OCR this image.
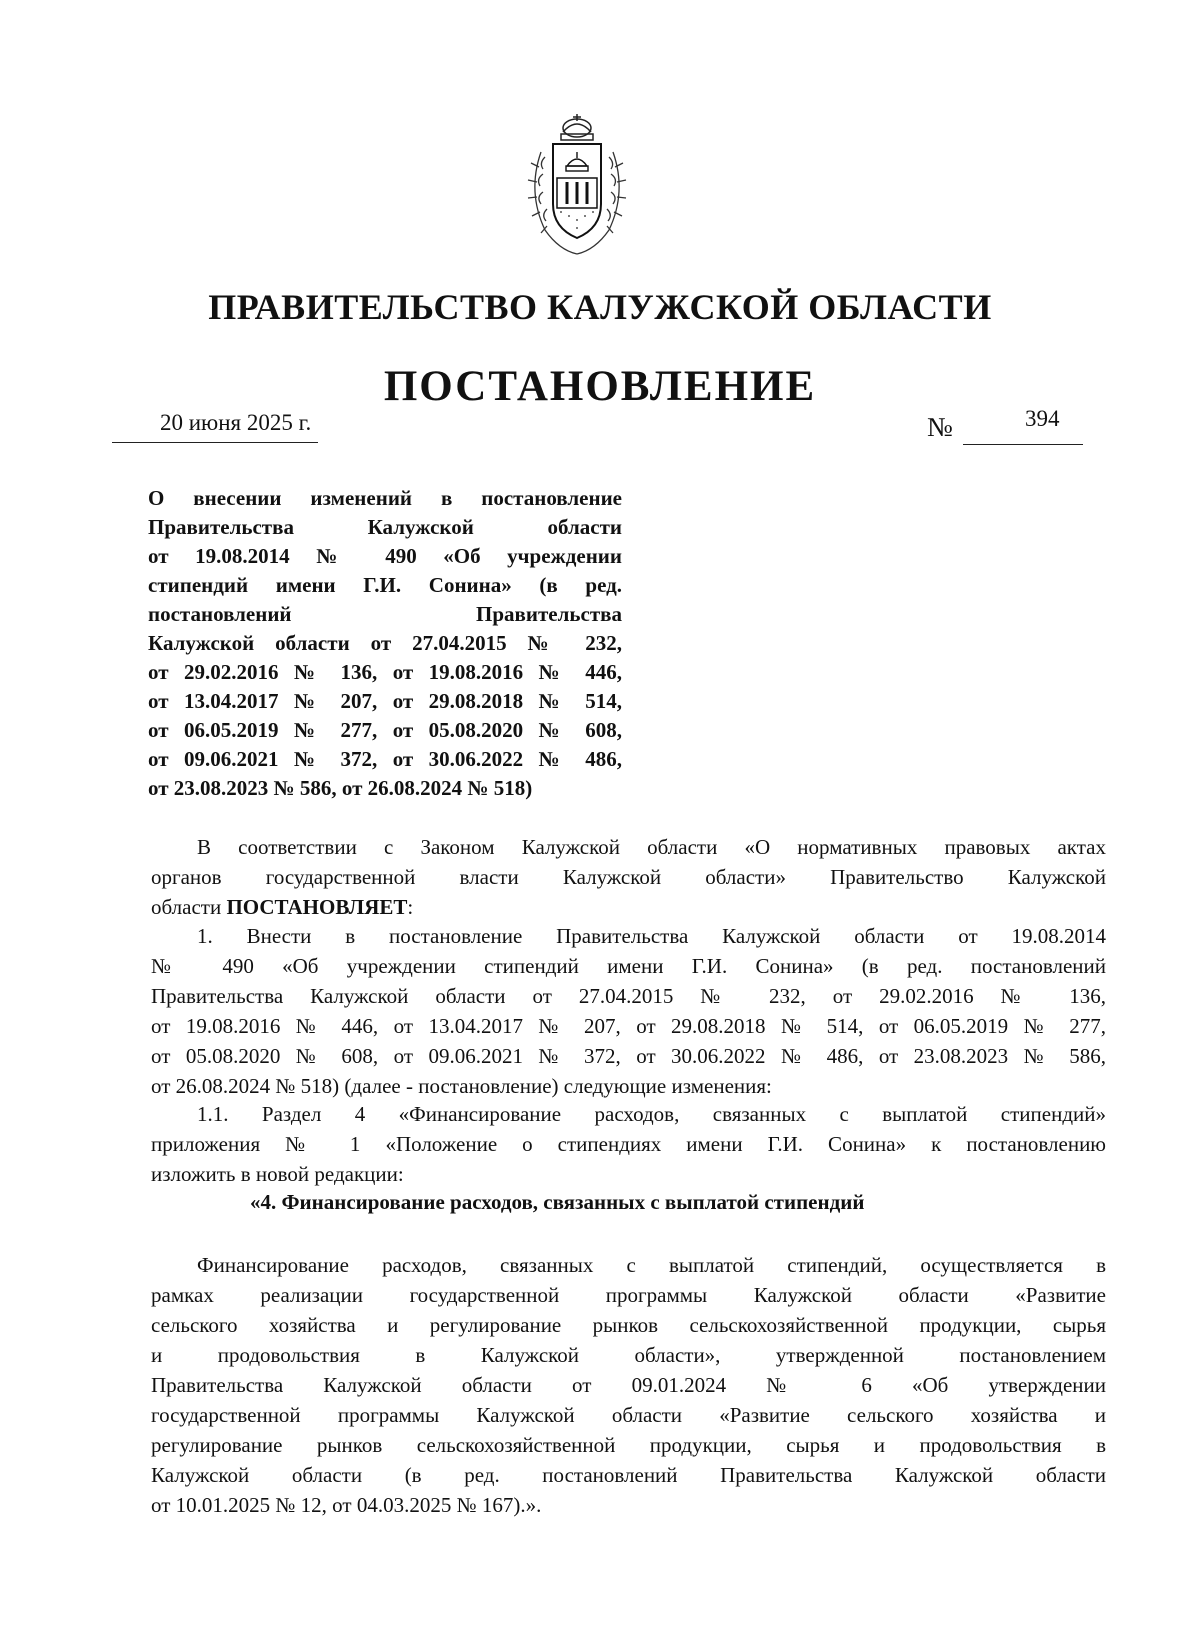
ПРАВИТЕЛЬСТВО КАЛУЖСКОЙ ОБЛАСТИ
ПОСТАНОВЛЕНИЕ
20 июня 2025 г.	№	394
О внесении изменений в постановление
Правительства Калужской области
от 19.08.2014 № 490 «Об учреждении
стипендий имени Г.И. Сонина» (в ред.
постановлений Правительства
Калужской области от 27.04.2015 № 232,
от 29.02.2016 № 136, от 19.08.2016 № 446,
от 13.04.2017 № 207, от 29.08.2018 № 514,
от 06.05.2019 № 277, от 05.08.2020 № 608,
от 09.06.2021 № 372, от 30.06.2022 № 486,
от 23.08.2023 № 586, от 26.08.2024 № 518)
В соответствии с Законом Калужской области «О нормативных правовых актах
органов государственной власти Калужской области» Правительство Калужской
области ПОСТАНОВЛЯЕТ:
1. Внести в постановление Правительства Калужской области от 19.08.2014
№ 490 «Об учреждении стипендий имени Г.И. Сонина» (в ред. постановлений
Правительства Калужской области от 27.04.2015 № 232, от 29.02.2016 № 136,
от 19.08.2016 № 446, от 13.04.2017 № 207, от 29.08.2018 № 514, от 06.05.2019 № 277,
от 05.08.2020 № 608, от 09.06.2021 № 372, от 30.06.2022 № 486, от 23.08.2023 № 586,
от 26.08.2024 № 518) (далее - постановление) следующие изменения:
1.1. Раздел 4 «Финансирование расходов, связанных с выплатой стипендий»
приложения № 1 «Положение о стипендиях имени Г.И. Сонина» к постановлению
изложить в новой редакции:
«4. Финансирование расходов, связанных с выплатой стипендий
Финансирование расходов, связанных с выплатой стипендий, осуществляется в
рамках реализации государственной программы Калужской области «Развитие
сельского хозяйства и регулирование рынков сельскохозяйственной продукции, сырья
и продовольствия в Калужской области», утвержденной постановлением
Правительства Калужской области от 09.01.2024 № 6 «Об утверждении
государственной программы Калужской области «Развитие сельского хозяйства и
регулирование рынков сельскохозяйственной продукции, сырья и продовольствия в
Калужской области (в ред. постановлений Правительства Калужской области
от 10.01.2025 № 12, от 04.03.2025 № 167).».
